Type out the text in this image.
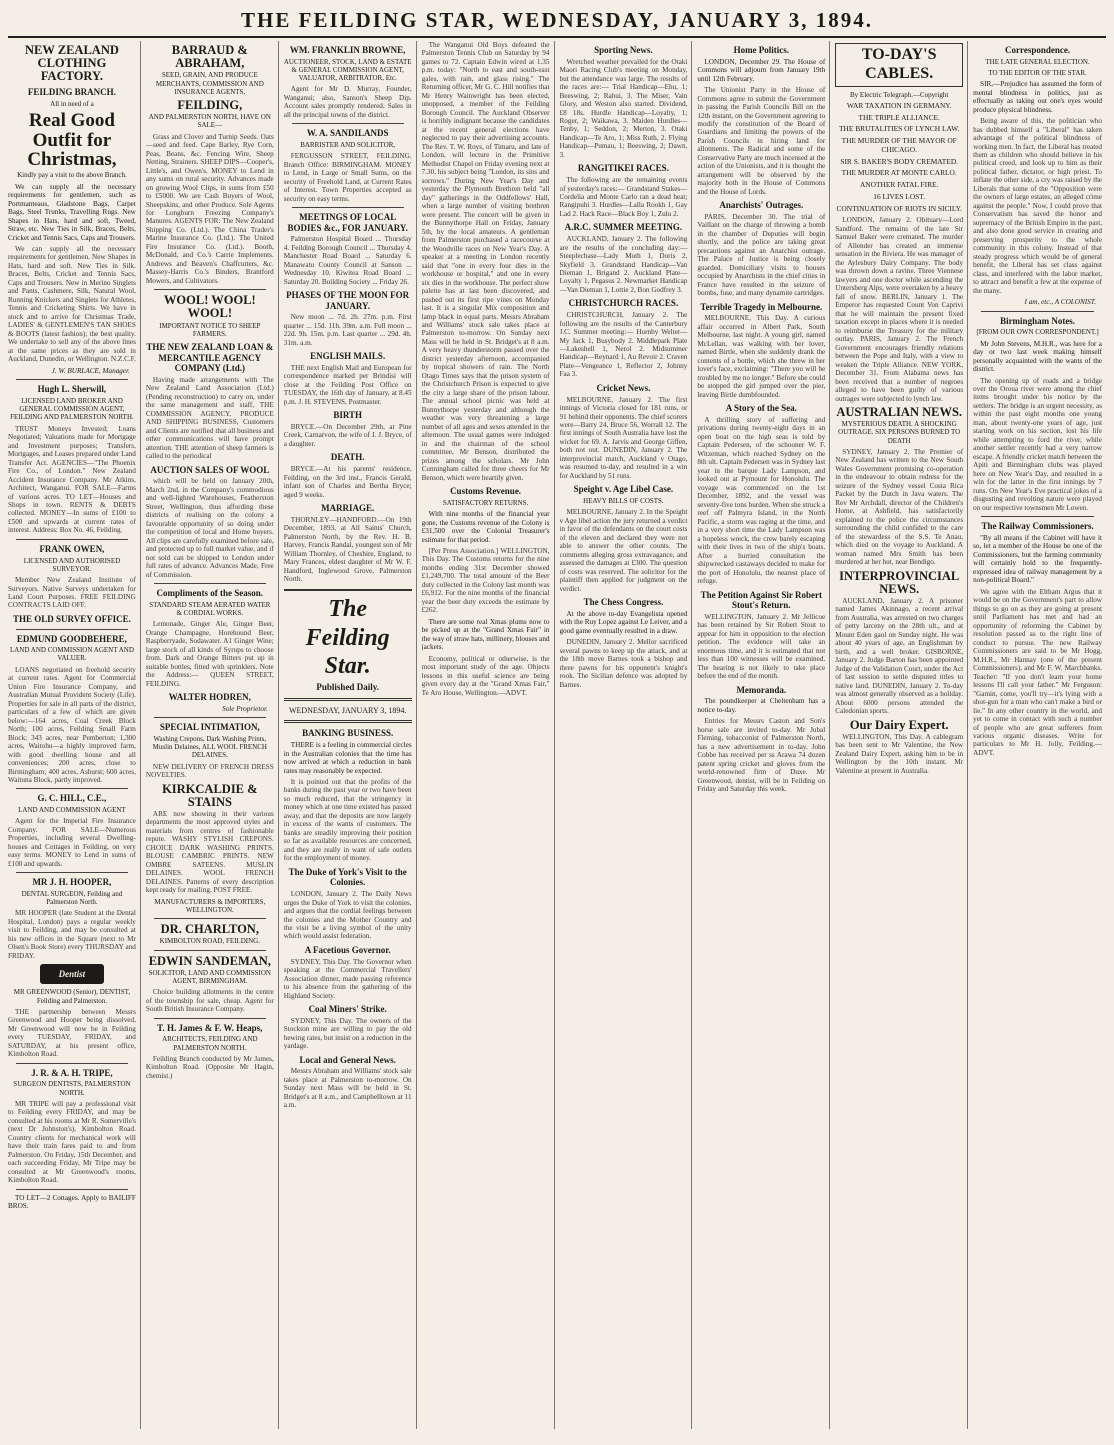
THE FEILDING STAR, WEDNESDAY, JANUARY 3, 1894.
NEW ZEALAND CLOTHING FACTORY.
FEILDING BRANCH.
All in need of a
Real Good Outfit for Christmas,
Kindly pay a visit to the above Branch.

We can supply all the necessary requirements for gentlemen, such as Portmanteaus, Gladstone Bags, Carpet Bags, Steel Trunks, Travelling Rugs. New Shapes in Hats, hard and soft, Tweed, Straw, etc. New Ties in Silk, Braces, Belts, Cricket and Tennis Sacs, Caps and Trousers.

We can supply all the necessary requirements for gentlemen. New Shapes in Hats, hard and soft. New Ties in Silk. Braces, Belts, Cricket and Tennis Sacs, Caps and Trousers. New in Merino Singlets and Pants, Cashmere, Silk, Natural Wool, Running Knickers and Singlets for Athletes, Tennis and Cricketing Shirts. We have in stock and to arrive for Christmas Trade, LADIES' & GENTLEMEN'S TAN SHOES & BOOTS (latest fashion); the best quality. We undertake to sell any of the above lines at the same prices as they are sold in Auckland, Dunedin, or Wellington. N.Z.C.F.

J. W. BURLACE, Manager.
Hugh L. Sherwill,
LICENSED LAND BROKER AND GENERAL COMMISSION AGENT, FEILDING AND PALMERSTON NORTH.

TRUST Moneys Invested; Loans Negotiated; Valuations made for Mortgage and Investment purposes; Transfers, Mortgages, and Leases prepared under Land Transfer Act. AGENCIES—"The Phoenix Fire Co., of London." New Zealand Accident Insurance Company. Mr Atkins, Architect, Wanganui. FOR SALE—Farms of various acres. TO LET—Houses and Shops in town. RENTS & DEBTS collected. MONEY—In sums of £100 to £500 and upwards at current rates of interest. Address: Box No. 46, Feilding.

FRANK OWEN,
LICENSED AND AUTHORISED SURVEYOR.

Member New Zealand Institute of Surveyors. Native Surveys undertaken for Land Court Purposes. FREE FEILDING CONTRACTS LAID OFF.

THE OLD SURVEY OFFICE.
EDMUND GOODBEHERE,
LAND AND COMMISSION AGENT AND VALUER.

LOANS negotiated on freehold security at current rates. Agent for Commercial Union Fire Insurance Company, and Australian Mutual Provident Society (Life). Properties for sale in all parts of the district, particulars of a few of which are given below:—164 acres, Coal Creek Block North; 100 acres, Feilding Small Farm Block; 343 acres, near Pemberton; 1,300 acres, Waitohu—a highly improved farm, with good dwelling house and all conveniences; 200 acres, close to Birmingham; 400 acres, Ashurst; 600 acres, Waituna Block, partly improved.

G. C. HILL, C.E.,
LAND AND COMMISSION AGENT

Agent for the Imperial Fire Insurance Company. FOR SALE—Numerous Properties, including several Dwelling-houses and Cottages in Feilding, on very easy terms. MONEY to Lend in sums of £100 and upwards.

MR J. H. HOOPER,
DENTAL SURGEON, Feilding and Palmerston North.

MR HOOPER (late Student at the Dental Hospital, London) pays a regular weekly visit to Feilding, and may be consulted at his new offices in the Square (next to Mr Olsen's Book Store) every THURSDAY and FRIDAY.

Dentist
MR GREENWOOD (Senior), DENTIST, Feilding and Palmerston.

THE partnership between Messrs Greenwood and Hooper being dissolved, Mr Greenwood will now be in Feilding every TUESDAY, FRIDAY, and SATURDAY, at his present office, Kimbolton Road.

J. R. & A. H. TRIPE,
SURGEON DENTISTS, PALMERSTON NORTH.

MR TRIPE will pay a professional visit to Feilding every FRIDAY, and may be consulted at his rooms at Mr R. Somerville's (next Dr Johnston's), Kimbolton Road. Country clients for mechanical work will have their train fares paid to and from Palmerston. On Friday, 15th December, and each succeeding Friday, Mr Tripe may be consulted at Mr Greenwood's rooms, Kimbolton Road.

TO LET—2 Cottages. Apply to BAILIFF BROS.

BARRAUD & ABRAHAM,
SEED, GRAIN, AND PRODUCE MERCHANTS, COMMISSION AND INSURANCE AGENTS,
FEILDING,
AND PALMERSTON NORTH, HAVE ON SALE—

Grass and Clover and Turnip Seeds. Oats—seed and feed. Cape Barley, Rye Corn, Peas, Beans, &c. Fencing Wire, Sheep Netting, Strainers. SHEEP DIPS—Cooper's, Little's, and Owen's. MONEY to Lend in any sums on rural security. Advances made on growing Wool Clips, in sums from £50 to £5000. We are Cash Buyers of Wool, Sheepskins, and other Produce. Sole Agents for Longburn Freezing Company's Manures. AGENTS FOR: The New Zealand Shipping Co. (Ltd.). The China Trader's Marine Insurance Co. (Ltd.). The United Fire Insurance Co. (Ltd.). Booth, McDonald, and Co.'s Carrie Implements. Andrews and Beaven's Chaffcutters, &c. Massey-Harris Co.'s Binders, Brantford Mowers, and Cultivators.

WOOL! WOOL! WOOL!
IMPORTANT NOTICE TO SHEEP FARMERS.
THE NEW ZEALAND LOAN & MERCANTILE AGENCY COMPANY (Ltd.)

Having made arrangements with The New Zealand Land Association (Ltd.) (Pending reconstruction) to carry on, under the same management and staff, THE COMMISSION AGENCY, PRODUCE AND SHIPPING BUSINESS, Customers and Clients are notified that all business and other communications will have prompt attention. THE attention of sheep farmers is called to the periodical

AUCTION SALES OF WOOL

which will be held on January 20th, March 2nd, in the Company's commodious and well-lighted Warehouses, Featherston Street, Wellington, thus affording these districts of realising on the colony a favourable opportunity of so doing under the competition of local and Home buyers. All clips are carefully examined before sale, and protected up to full market value, and if not sold can be shipped to London under full rates of advance. Advances Made, Free of Commission.

Compliments of the Season.
STANDARD STEAM AERATED WATER & CORDIAL WORKS.

Lemonade, Ginger Ale, Ginger Beer, Orange Champagne, Horehound Beer, Raspberryade, Sodawater. A1 Ginger Wine; large stock of all kinds of Syrups to choose from. Dark and Orange Bitters put up in suitable bottles, fitted with sprinklers. Note the Address:— QUEEN STREET, FEILDING.

WALTER HODREN,
Sole Proprietor.
SPECIAL INTIMATION,
Washing Crepons, Dark Washing Prints, Muslin Delaines, ALL WOOL FRENCH DELAINES.

NEW DELIVERY OF FRENCH DRESS NOVELTIES.

KIRKCALDIE & STAINS

ARE now showing in their various departments the most approved styles and materials from centres of fashionable repute. WASHY STYLISH CREPONS. CHOICE DARK WASHING PRINTS. BLOUSE CAMBRIC PRINTS. NEW OMBRE SATEENS. MUSLIN DELAINES. WOOL FRENCH DELAINES. Patterns of every description kept ready for mailing. POST FREE.

MANUFACTURERS & IMPORTERS, WELLINGTON.
DR. CHARLTON,
KIMBOLTON ROAD, FEILDING.
EDWIN SANDEMAN,
SOLICITOR, LAND AND COMMISSION AGENT, BIRMINGHAM.

Choice building allotments in the centre of the township for sale, cheap. Agent for South British Insurance Company.

T. H. James & F. W. Heaps,
ARCHITECTS, FEILDING AND PALMERSTON NORTH.

Feilding Branch conducted by Mr James, Kimbolton Road. (Opposite Mr Hagin, chemist.)

WM. FRANKLIN BROWNE,
AUCTIONEER, STOCK, LAND & ESTATE & GENERAL COMMISSION AGENT, VALUATOR, ARBITRATOR, Etc.

Agent for Mr D. Murray, Founder, Wanganui; also, Sanson's Sheep Dip. Account sales promptly rendered. Sales in all the principal towns of the district.

W. A. SANDILANDS
BARRISTER AND SOLICITOR,

FERGUSSON STREET, FEILDING. Branch Office: BIRMINGHAM. MONEY to Lend, in Large or Small Sums, on the security of Freehold Land, at Current Rates of Interest. Town Properties accepted as security on easy terms.

MEETINGS OF LOCAL BODIES &c., FOR JANUARY.

Palmerston Hospital Board ... Thursday 4. Feilding Borough Council ... Thursday 4. Manchester Road Board ... Saturday 6. Manawatu County Council at Sanson ... Wednesday 10. Kiwitea Road Board ... Saturday 20. Building Society ... Friday 26.

PHASES OF THE MOON FOR JANUARY.

New moon ... 7d. 2h. 27m. p.m. First quarter ... 15d. 11h. 39m. a.m. Full moon ... 22d. 9h. 15m. p.m. Last quarter ... 29d. 4h. 31m. a.m.

ENGLISH MAILS.

THE next English Mail and European for correspondence marked per Brindisi will close at the Feilding Post Office on TUESDAY, the 16th day of January, at 8.45 p.m. J. H. STEVENS, Postmaster.

BIRTH

BRYCE.—On December 29th, at Pine Creek, Carnarvon, the wife of J. J. Bryce, of a daughter.

DEATH.

BRYCE.—At his parents' residence, Feilding, on the 3rd inst., Francis Gerald, infant son of Charles and Bertha Bryce; aged 9 weeks.

MARRIAGE.

THORNLEY—HANDFORD.—On 19th December, 1893, at All Saints' Church, Palmerston North, by the Rev. H. B. Harvey, Francis Randal, youngest son of Mr William Thornley, of Cheshire, England, to Mary Frances, eldest daughter of Mr W. F. Handford, Inglewood Grove, Palmerston North.

The Feilding Star.
Published Daily.
WEDNESDAY, JANUARY 3, 1894.
BANKING BUSINESS.

THERE is a feeling in commercial circles in the Australian colonies that the time has now arrived at which a reduction in bank rates may reasonably be expected.

It is pointed out that the profits of the banks during the past year or two have been so much reduced, that the stringency in money which at one time existed has passed away, and that the deposits are now largely in excess of the wants of customers. The banks are steadily improving their position so far as available resources are concerned, and they are really in want of safe outlets for the employment of money.

The Duke of York's Visit to the Colonies.

LONDON, January 2. The Daily News urges the Duke of York to visit the colonies, and argues that the cordial feelings between the colonies and the Mother Country and the visit be a living symbol of the unity which would assist federation.

A Facetious Governor.

SYDNEY, This Day. The Governor when speaking at the Commercial Travellers' Association dinner, made passing reference to his absence from the gathering of the Highland Society.

Coal Miners' Strike.

SYDNEY, This Day. The owners of the Stockton mine are willing to pay the old hewing rates, but insist on a reduction in the yardage.

Local and General News.

Messrs Abraham and Williams' stock sale takes place at Palmerston to-morrow. On Sunday next Mass will be held in St. Bridget's at 8 a.m., and Campbelltown at 11 a.m.

The Wanganui Old Boys defeated the Palmerston Tennis Club on Saturday by 94 games to 72. Captain Edwin wired at 1.35 p.m. today: "North to east and south-east gales, with rain, and glass rising." The Returning officer, Mr G. C. Hill notifies that Mr Henry Wainwright has been elected, unopposed, a member of the Feilding Borough Council. The Auckland Observer is horribly indignant because the candidates at the recent general elections have neglected to pay their advertising accounts. The Rev. T. W. Roys, of Timaru, and late of London, will lecture in the Primitive Methodist Chapel on Friday evening next at 7.30, his subject being "London, its sins and sorrows." During New Year's Day and yesterday the Plymouth Brethren held "all day" gatherings in the Oddfellows' Hall, when a large number of visiting brethren were present. The concert will be given in the Bunnythorpe Hall on Friday, January 5th, by the local amateurs. A gentleman from Palmerston purchased a racecourse at the Woodville races on New Year's Day. A speaker at a meeting in London recently said that "one in every four dies in the workhouse or hospital," and one in every six dies in the workhouse. The perfect show palette has at last been discovered, and pushed out its first ripe vines on Monday last. It is a singular Mix composition and lamp black in equal parts. Messrs Abraham and Williams' stock sale takes place at Palmerston to-morrow. On Sunday next Mass will be held in St. Bridget's at 8 a.m. A very heavy thunderstorm passed over the district yesterday afternoon, accompanied by tropical showers of rain. The North Otago Times says that the prison system of the Christchurch Prison is expected to give the city a large share of the prison labour. The annual school picnic was held at Bunnythorpe yesterday and although the weather was very threatening a large number of all ages and sexes attended in the afternoon. The usual games were indulged in and the chairman of the school committee, Mr Benson, distributed the prizes among the scholars. Mr John Cunningham called for three cheers for Mr Benson, which were heartily given.

Customs Revenue.
SATISFACTORY RETURNS.

With nine months of the financial year gone, the Customs revenue of the Colony is £31,500 over the Colonial Treasurer's estimate for that period.

[Per Press Association.] WELLINGTON, This Day. The Customs returns for the nine months ending 31st December showed £1,249,700. The total amount of the Beer duty collected in the Colony last month was £6,912. For the nine months of the financial year the beer duty exceeds the estimate by £262.

There are some real Xmas plums now to be picked up at the "Grand Xmas Fair" in the way of straw hats, millinery, blouses and jackets.

Economy, political or otherwise, is the most important study of the age. Objects lessons in this useful science are being given every day at the "Grand Xmas Fair," Te Aro House, Wellington.—ADVT.

Sporting News.

Wretched weather prevailed for the Otaki Maori Racing Club's meeting on Monday, but the attendance was large. The results of the races are:— Trial Handicap—Ehu, 1; Beeswing, 2; Rahui, 3. The Miser, Vain Glory, and Weston also started. Dividend, £8 18s. Hurdle Handicap—Loyalty, 1; Roger, 2; Waikawa, 3. Maiden Hurdles—Tenby, 1; Seddon, 2; Merton, 3. Otaki Handicap—Te Aro, 1; Miss Ruth, 2. Flying Handicap—Pumau, 1; Beeswing, 2; Dawn, 3.

RANGITIKEI RACES.

The following are the remaining events of yesterday's races:— Grandstand Stakes—Cordelia and Monte Carlo ran a dead heat; Rangipuhi 3. Hurdles—Lalla Rookh 1, Gay Lad 2. Hack Race—Black Boy 1, Zulu 2.

A.R.C. SUMMER MEETING.

AUCKLAND, January 2. The following are the results of the concluding day:— Steeplechase—Lady Moth 1, Doris 2, Skyfield 3. Grandstand Handicap—Van Dieman 1, Brigand 2. Auckland Plate—Loyalty 1, Pegasus 2. Newmarket Handicap—Van Dieman 1, Lottie 2, Bon Godfrey 3.

CHRISTCHURCH RACES.

CHRISTCHURCH, January 2. The following are the results of the Canterbury J.C. Summer meeting:— Hornby Welter—My Jack 1, Busybody 2. Middlepark Plate—Lakeshell 1, Nerol 2. Midsummer Handicap—Reynard 1, Au Revoir 2. Craven Plate—Vengeance 1, Reflector 2, Johnny Faa 3.

Cricket News.

MELBOURNE, January 2. The first innings of Victoria closed for 181 runs, or 91 behind their opponents. The chief scorers were—Barry 24, Bruce 56, Worrall 12. The first innings of South Australia have lost the wicket for 69. A. Jarvis and George Giffen, both not out. DUNEDIN, January 2. The interprovincial match, Auckland v Otago, was resumed to-day, and resulted in a win for Auckland by 51 runs.

Speight v. Age Libel Case.
HEAVY BILLS OF COSTS.

MELBOURNE, January 2. In the Speight v Age libel action the jury returned a verdict in favor of the defendants on the court costs of the eleven and declared they were not able to answer the other counts. The comments alleging gross extravagance, and assessed the damages at £300. The question of costs was reserved. The solicitor for the plaintiff then applied for judgment on the verdict.

The Chess Congress.

At the above to-day Evangelista opened with the Ruy Lopez against Le Leiver, and a good game eventually resulted in a draw.

DUNEDIN, January 2. Mellor sacrificed several pawns to keep up the attack, and at the 18th move Barnes took a bishop and three pawns for his opponent's knight's rook. The Sicilian defence was adopted by Barnes.

Home Politics.

LONDON, December 29. The House of Commons will adjourn from January 19th until 12th February.

The Unionist Party in the House of Commons agree to submit the Government in passing the Parish Councils Bill on the 12th instant, on the Government agreeing to modify the constitution of the Board of Guardians and limiting the powers of the Parish Councils in hiring land for allotments. The Radical and some of the Conservative Party are much incensed at the action of the Unionists, and it is thought the arrangement will be observed by the majority both in the House of Commons and the House of Lords.

Anarchists' Outrages.

PARIS, December 30. The trial of Vaillant on the charge of throwing a bomb in the chamber of Deputies will begin shortly, and the police are taking great precautions against an Anarchist outrage. The Palace of Justice is being closely guarded. Domiciliary visits to houses occupied by Anarchists in the chief cities in France have resulted in the seizure of bombs, fuse, and many dynamite cartridges.

Terrible Tragedy in Melbourne.

MELBOURNE, This Day. A curious affair occurred in Albert Park, South Melbourne, last night. A young girl, named McLellan, was walking with her lover, named Birtle, when she suddenly drank the contents of a bottle, which she threw in her lover's face, exclaiming: "There you will be troubled by me no longer." Before she could be stopped the girl jumped over the pier, leaving Birtle dumbfounded.

A Story of the Sea.

A thrilling story of suffering and privations during twenty-eight days in an open boat on the high seas is told by Captain Pedersen, of the schooner W. F. Witzeman, which reached Sydney on the 8th ult. Captain Pedersen was in Sydney last year in the barque Lady Lampson, and looked out at Pymount for Honolulu. The voyage was commenced on the 1st December, 1892, and the vessel was seventy-five tons burden. When she struck a reef off Palmyra Island, in the North Pacific, a storm was raging at the time, and in a very short time the Lady Lampson was a hopeless wreck, the crew barely escaping with their lives in two of the ship's boats. After a hurried consultation the shipwrecked castaways decided to make for the port of Honolulu, the nearest place of refuge.

The Petition Against Sir Robert Stout's Return.

WELLINGTON, January 2. Mr Jellicoe has been retained by Sir Robert Stout to appear for him in opposition to the election petition. The evidence will take an enormous time, and it is estimated that not less than 100 witnesses will be examined. The hearing is not likely to take place before the end of the month.

Memoranda.

The poundkeeper at Cheltenham has a notice to-day.

Entries for Messrs Caston and Son's horse sale are invited to-day. Mr Jubal Fleming, tobacconist of Palmerston North, has a new advertisement in to-day. John Cobbe has received per ss Arawa 74 dozen patent spring cricket and gloves from the world-renowned firm of Duxe. Mr Greenwood, dentist, will be in Feilding on Friday and Saturday this week.

TO-DAY'S CABLES.
By Electric Telegraph.—Copyright
WAR TAXATION IN GERMANY.
THE TRIPLE ALLIANCE.
THE BRUTALITIES OF LYNCH LAW.
THE MURDER OF THE MAYOR OF CHICAGO.
SIR S. BAKER'S BODY CREMATED.
THE MURDER AT MONTE CARLO.
ANOTHER FATAL FIRE.
16 LIVES LOST.
CONTINUATION OF RIOTS IN SICILY.

LONDON, January 2. Obituary—Lord Sandford. The remains of the late Sir Samuel Baker were cremated. The murder of Allender has created an immense sensation in the Riviera. He was manager of the Aylesbury Dairy Company. The body was thrown down a ravine. Three Viennese lawyers and one doctor while ascending the Untersberg Alps, were overtaken by a heavy fall of snow. BERLIN, January 1. The Emperor has requested Count Von Caprivi that he will maintain the present fixed taxation except in places where it is needed to reimburse the Treasury for the military outlay. PARIS, January 2. The French Government encourages friendly relations between the Pope and Italy, with a view to weaken the Triple Alliance. NEW YORK, December 31. From Alabama news has been received that a number of negroes alleged to have been guilty of various outrages were subjected to lynch law.

AUSTRALIAN NEWS.
MYSTERIOUS DEATH. A SHOCKING OUTRAGE. SIX PERSONS BURNED TO DEATH

SYDNEY, January 2. The Premier of New Zealand has written to the New South Wales Government promising co-operation in the endeavour to obtain redress for the seizure of the Sydney vessel Costa Rica Packet by the Dutch in Java waters. The Rev Mr Archdall, director of the Children's Home, at Ashfield, has satisfactorily explained to the police the circumstances surrounding the child confided to the care of the stewardess of the S.S. Te Anau, which died on the voyage to Auckland. A woman named Mrs Smith has been murdered at her hut, near Bendigo.

INTERPROVINCIAL NEWS.

AUCKLAND, January 2. A prisoner named James Akinnago, a recent arrival from Australia, was arrested on two charges of petty larceny on the 28th ult., and at Mount Eden gaol on Sunday night. He was about 40 years of age, an Englishman by birth, and a well broker. GISBORNE, January 2. Judge Barton has been appointed Judge of the Validation Court, under the Act of last session to settle disputed titles to native land. DUNEDIN, January 2. To-day was almost generally observed as a holiday. About 6000 persons attended the Caledonian sports.

Our Dairy Expert.

WELLINGTON, This Day. A cablegram has been sent to Mr Valentine, the New Zealand Dairy Expert, asking him to be in Wellington by the 10th instant. Mr Valentine at present in Australia.

Correspondence.
THE LATE GENERAL ELECTION.
TO THE EDITOR OF THE STAR.

SIR,—Prejudice has assumed the form of mental blindness in politics, just as effectually as taking out one's eyes would produce physical blindness.

Being aware of this, the politician who has dubbed himself a "Liberal" has taken advantage of the political blindness of working men. In fact, the Liberal has treated them as children who should believe in his political creed, and look up to him as their political father, dictator, or high priest. To inflate the other side, a cry was raised by the Liberals that some of the "Opposition were the owners of large estates, an alleged crime against the people." Now, I could prove that Conservatism has saved the honor and supremacy of the British Empire in the past, and also done good service in creating and preserving prosperity to the whole community in this colony. Instead of that steady progress which would be of general benefit, the Liberal has set class against class, and interfered with the labor market, to attract and benefit a few at the expense of the many.

I am, etc., A COLONIST.
Birmingham Notes.
[FROM OUR OWN CORRESPONDENT.]

Mr John Stevens, M.H.R., was here for a day or two last week making himself personally acquainted with the wants of the district.

The opening up of roads and a bridge over the Oroua river were among the chief items brought under his notice by the settlers. The bridge is an urgent necessity, as within the past eight months one young man, about twenty-one years of age, just starting work on his section, lost his life while attempting to ford the river, while another settler recently had a very narrow escape. A friendly cricket match between the Apiti and Birmingham clubs was played here on New Year's Day, and resulted in a win for the latter in the first innings by 7 runs. On New Year's Eve practical jokes of a disgusting and revolting nature were played on our respective townsmen Mr Lowen.

The Railway Commissioners.

"By all means if the Cabinet will have it so, let a member of the House be one of the Commissioners, but the farming community will certainly hold to the frequently-expressed idea of railway management by a non-political Board."

We agree with the Eltham Argus that it would be on the Government's part to allow things to go on as they are going at present until Parliament has met and had an opportunity of reforming the Cabinet by resolution passed as to the right line of conduct to pursue. The new Railway Commissioners are said to be Mr Hogg, M.H.R., Mr Hannay (one of the present Commissioners), and Mr F. W. Marchbanks. Teacher: "If you don't learn your home lessons I'll call your father." Mr Ferguson: "Gamin, come, you'll try—it's lying with a shot-gun for a man who can't make a bird or lie." In any other country in the world, and yet to come in contact with such a number of people who are great sufferers from various organic diseases. Write for particulars to Mr H. Jolly, Feilding.—ADVT.
